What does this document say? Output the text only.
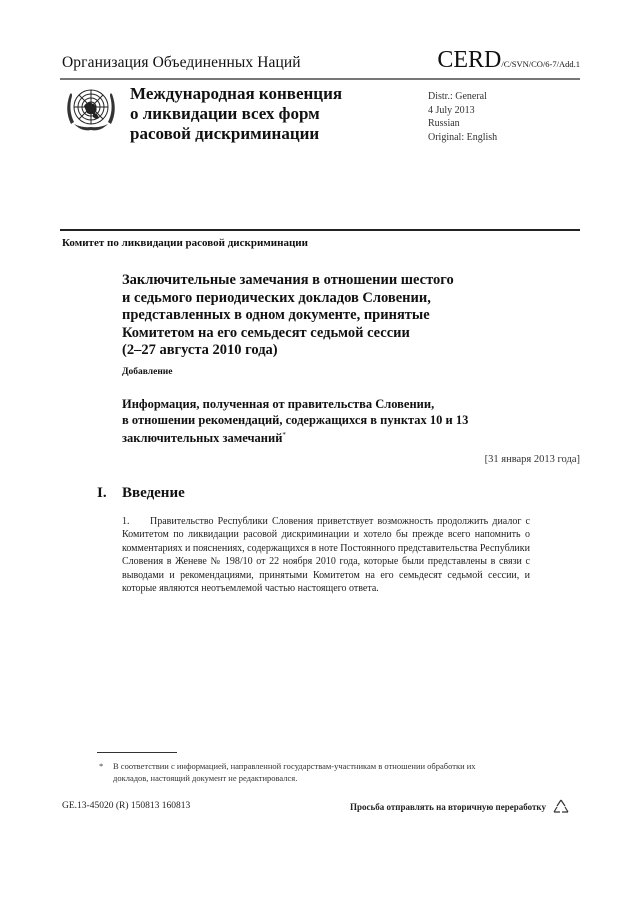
Организация Объединенных Наций	CERD/C/SVN/CO/6-7/Add.1
Международная конвенция
о ликвидации всех форм
расовой дискриминации
Distr.: General
4 July 2013
Russian
Original: English
Комитет по ликвидации расовой дискриминации
Заключительные замечания в отношении шестого
и седьмого периодических докладов Словении,
представленных в одном документе, принятые
Комитетом на его семьдесят седьмой сессии
(2–27 августа 2010 года)
Добавление
Информация, полученная от правительства Словении,
в отношении рекомендаций, содержащихся в пунктах 10 и 13
заключительных замечаний*
[31 января 2013 года]
I. Введение
1. Правительство Республики Словения приветствует возможность продолжить диалог с Комитетом по ликвидации расовой дискриминации и хотело бы прежде всего напомнить о комментариях и пояснениях, содержащихся в ноте Постоянного представительства Республики Словения в Женеве № 198/10 от 22 ноября 2010 года, которые были представлены в связи с выводами и рекомендациями, принятыми Комитетом на его семьдесят седьмой сессии, и которые являются неотъемлемой частью настоящего ответа.
* В соответствии с информацией, направленной государствам-участникам в отношении обработки их докладов, настоящий документ не редактировался.
GE.13-45020 (R) 150813 160813	Просьба отправлять на вторичную переработку
